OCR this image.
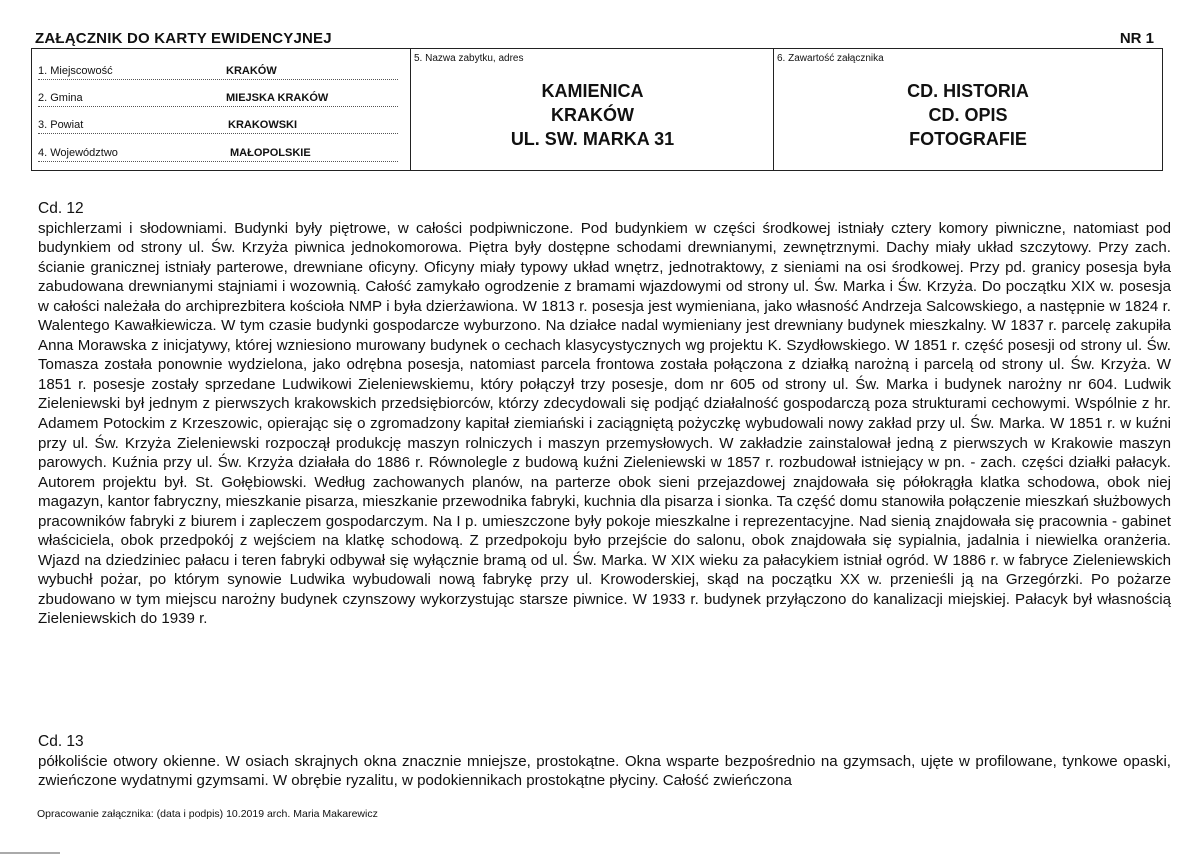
ZAŁĄCZNIK DO KARTY EWIDENCYJNEJ	NR 1
1. Miejscowość	KRAKÓW
2. Gmina	MIEJSKA KRAKÓW
3. Powiat	KRAKOWSKI
4. Województwo	MAŁOPOLSKIE
5. Nazwa zabytku, adres
KAMIENICA
KRAKÓW
UL. SW. MARKA 31
6. Zawartość załącznika
CD. HISTORIA
CD. OPIS
FOTOGRAFIE
Cd. 12

spichlerzami i słodowniami. Budynki były piętrowe, w całości podpiwniczone. Pod budynkiem w części środkowej istniały cztery komory piwniczne, natomiast pod budynkiem od strony ul. Św. Krzyża piwnica jednokomorowa. Piętra były dostępne schodami drewnianymi, zewnętrznymi. Dachy miały układ szczytowy. Przy zach. ścianie granicznej istniały parterowe, drewniane oficyny. Oficyny miały typowy układ wnętrz, jednotraktowy, z sieniami na osi środkowej. Przy pd. granicy posesja była zabudowana drewnianymi stajniami i wozownią. Całość zamykało ogrodzenie z bramami wjazdowymi od strony ul. Św. Marka i Św. Krzyża. Do początku XIX w. posesja w całości należała do archiprezbitera kościoła NMP i była dzierżawiona. W 1813 r. posesja jest wymieniana, jako własność Andrzeja Salcowskiego, a następnie w 1824 r. Walentego Kawałkiewicza. W tym czasie budynki gospodarcze wyburzono. Na działce nadal wymieniany jest drewniany budynek mieszkalny. W 1837 r. parcelę zakupiła Anna Morawska z inicjatywy, której wzniesiono murowany budynek o cechach klasycystycznych wg projektu K. Szydłowskiego. W 1851 r. część posesji od strony ul. Św. Tomasza została ponownie wydzielona, jako odrębna posesja, natomiast parcela frontowa została połączona z działką narożną i parcelą od strony ul. Św. Krzyża. W 1851 r. posesje zostały sprzedane Ludwikowi Zieleniewskiemu, który połączył trzy posesje, dom nr 605 od strony ul. Św. Marka i budynek narożny nr 604. Ludwik Zieleniewski był jednym z pierwszych krakowskich przedsiębiorców, którzy zdecydowali się podjąć działalność gospodarczą poza strukturami cechowymi. Wspólnie z hr. Adamem Potockim z Krzeszowic, opierając się o zgromadzony kapitał ziemiański i zaciągniętą pożyczkę wybudowali nowy zakład przy ul. Św. Marka. W 1851 r. w kuźni przy ul. Św. Krzyża Zieleniewski rozpoczął produkcję maszyn rolniczych i maszyn przemysłowych. W zakładzie zainstalował jedną z pierwszych w Krakowie maszyn parowych. Kuźnia przy ul. Św. Krzyża działała do 1886 r. Równolegle z budową kuźni Zieleniewski w 1857 r. rozbudował istniejący w pn. - zach. części działki pałacyk. Autorem projektu był. St. Gołębiowski. Według zachowanych planów, na parterze obok sieni przejazdowej znajdowała się półokrągła klatka schodowa, obok niej magazyn, kantor fabryczny, mieszkanie pisarza, mieszkanie przewodnika fabryki, kuchnia dla pisarza i sionka. Ta część domu stanowiła połączenie mieszkań służbowych pracowników fabryki z biurem i zapleczem gospodarczym. Na I p. umieszczone były pokoje mieszkalne i reprezentacyjne. Nad sienią znajdowała się pracownia - gabinet właściciela, obok przedpokój z wejściem na klatkę schodową. Z przedpokoju było przejście do salonu, obok znajdowała się sypialnia, jadalnia i niewielka oranżeria. Wjazd na dziedziniec pałacu i teren fabryki odbywał się wyłącznie bramą od ul. Św. Marka. W XIX wieku za pałacykiem istniał ogród. W 1886 r. w fabryce Zieleniewskich wybuchł pożar, po którym synowie Ludwika wybudowali nową fabrykę przy ul. Krowoderskiej, skąd na początku XX w. przenieśli ją na Grzegórzki. Po pożarze zbudowano w tym miejscu narożny budynek czynszowy wykorzystując starsze piwnice. W 1933 r. budynek przyłączono do kanalizacji miejskiej. Pałacyk był własnością Zieleniewskich do 1939 r.

Cd. 13

półkoliście otwory okienne. W osiach skrajnych okna znacznie mniejsze, prostokątne. Okna wsparte bezpośrednio na gzymsach, ujęte w profilowane, tynkowe opaski, zwieńczone wydatnymi gzymsami. W obrębie ryzalitu, w podokiennikach prostokątne płyciny. Całość zwieńczona

Opracowanie załącznika: (data i podpis) 10.2019 arch. Maria Makarewicz
